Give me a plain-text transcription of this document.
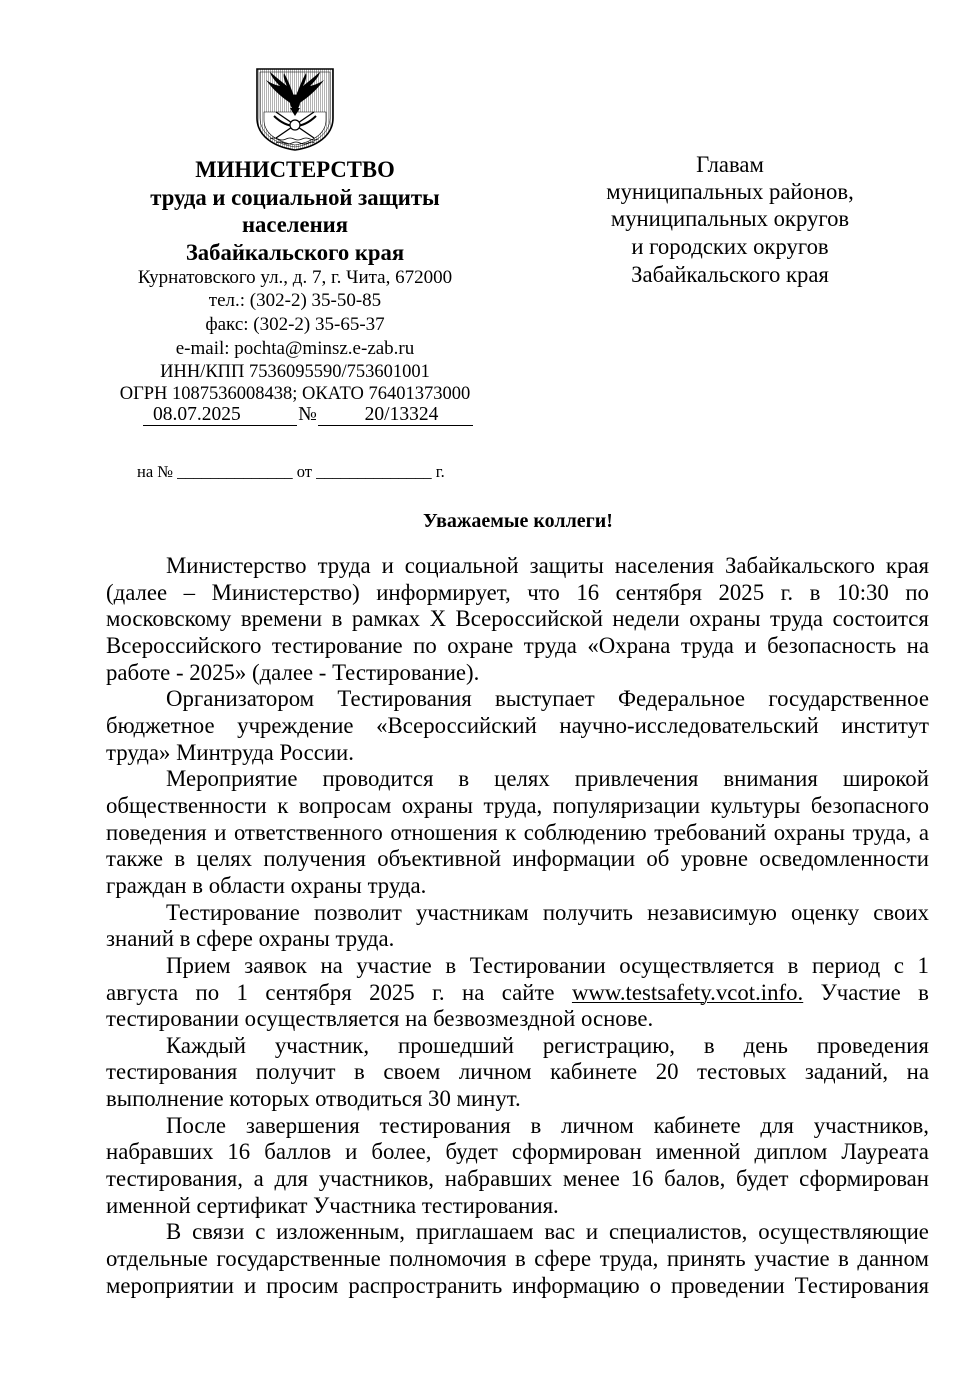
МИНИСТЕРСТВО
труда и социальной защиты
населения
Забайкальского края
Курнатовского ул., д. 7, г. Чита, 672000
тел.: (302-2) 35-50-85
факс: (302-2) 35-65-37
e-mail: pochta@minsz.e-zab.ru
ИНН/КПП 7536095590/753601001
ОГРН 1087536008438; ОКАТО 76401373000
08.07.2025	№	20/13324
на № ______________ от ______________ г.
Главам
муниципальных районов,
муниципальных округов
и городских округов
Забайкальского края
Уважаемые коллеги!
Министерство труда и социальной защиты населения Забайкальского края
(далее – Министерство) информирует, что 16 сентября 2025 г. в 10:30 по
московскому времени в рамках X Всероссийской недели охраны труда состоится
Всероссийского тестирование по охране труда «Охрана труда и безопасность на
работе - 2025» (далее - Тестирование).
Организатором Тестирования выступает Федеральное государственное
бюджетное учреждение «Всероссийский научно-исследовательский институт
труда» Минтруда России.
Мероприятие проводится в целях привлечения внимания широкой
общественности к вопросам охраны труда, популяризации культуры безопасного
поведения и ответственного отношения к соблюдению требований охраны труда, а
также в целях получения объективной информации об уровне осведомленности
граждан в области охраны труда.
Тестирование позволит участникам получить независимую оценку своих
знаний в сфере охраны труда.
Прием заявок на участие в Тестировании осуществляется в период с 1
августа по 1 сентября 2025 г. на сайте www.testsafety.vcot.info. Участие в
тестировании осуществляется на безвозмездной основе.
Каждый участник, прошедший регистрацию, в день проведения
тестирования получит в своем личном кабинете 20 тестовых заданий, на
выполнение которых отводиться 30 минут.
После завершения тестирования в личном кабинете для участников,
набравших 16 баллов и более, будет сформирован именной диплом Лауреата
тестирования, а для участников, набравших менее 16 балов, будет сформирован
именной сертификат Участника тестирования.
В связи с изложенным, приглашаем вас и специалистов, осуществляющие
отдельные государственные полномочия в сфере труда, принять участие в данном
мероприятии и просим распространить информацию о проведении Тестирования
